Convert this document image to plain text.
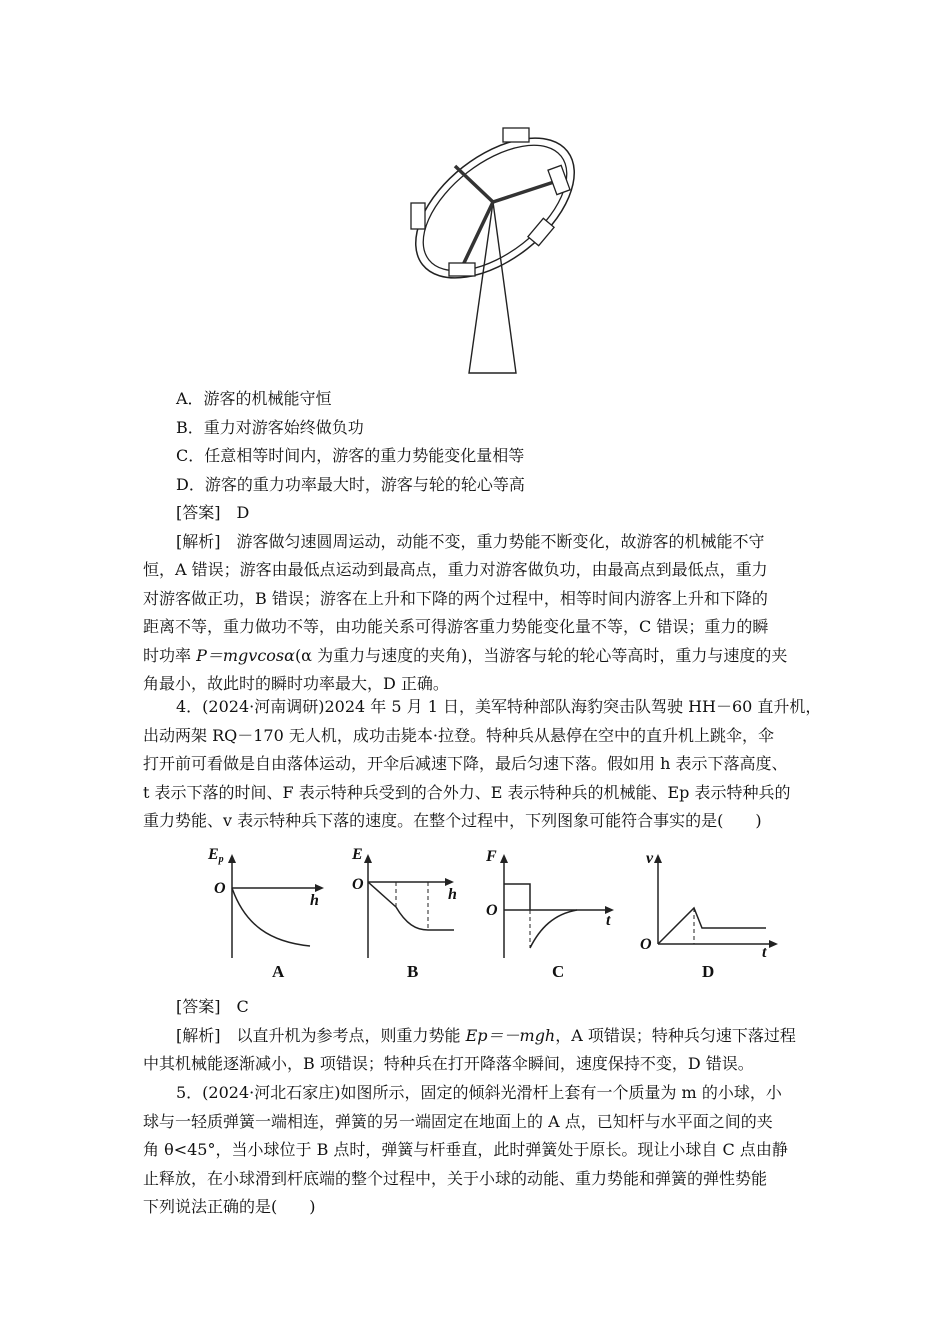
A．游客的机械能守恒
B．重力对游客始终做负功
C．任意相等时间内，游客的重力势能变化量相等
D．游客的重力功率最大时，游客与轮的轮心等高
[答案]  D
[解析]  游客做匀速圆周运动，动能不变，重力势能不断变化，故游客的机械能不守
恒，A 错误；游客由最低点运动到最高点，重力对游客做负功，由最高点到最低点，重力
对游客做正功，B 错误；游客在上升和下降的两个过程中，相等时间内游客上升和下降的
距离不等，重力做功不等，由功能关系可得游客重力势能变化量不等，C 错误；重力的瞬
时功率 P＝mgvcosα(α 为重力与速度的夹角)，当游客与轮的轮心等高时，重力与速度的夹
角最小，故此时的瞬时功率最大，D 正确。
4．(2024·河南调研)2024 年 5 月 1 日，美军特种部队海豹突击队驾驶 HH－60 直升机，
出动两架 RQ－170 无人机，成功击毙本·拉登。特种兵从悬停在空中的直升机上跳伞，伞
打开前可看做是自由落体运动，开伞后减速下降，最后匀速下落。假如用 h 表示下落高度、
t 表示下落的时间、F 表示特种兵受到的合外力、E 表示特种兵的机械能、Ep 表示特种兵的
重力势能、v 表示特种兵下落的速度。在整个过程中，下列图象可能符合事实的是(　　)
$E_p$
O
h
A
E
O
h
B
F
O
t
C
v
O	t
D
[答案]  C
[解析]  以直升机为参考点，则重力势能 Ep＝－mgh，A 项错误；特种兵匀速下落过程
中其机械能逐渐减小，B 项错误；特种兵在打开降落伞瞬间，速度保持不变，D 错误。
5．(2024·河北石家庄)如图所示，固定的倾斜光滑杆上套有一个质量为 m 的小球，小
球与一轻质弹簧一端相连，弹簧的另一端固定在地面上的 A 点，已知杆与水平面之间的夹
角 θ<45°，当小球位于 B 点时，弹簧与杆垂直，此时弹簧处于原长。现让小球自 C 点由静
止释放，在小球滑到杆底端的整个过程中，关于小球的动能、重力势能和弹簧的弹性势能
下列说法正确的是(　　)
